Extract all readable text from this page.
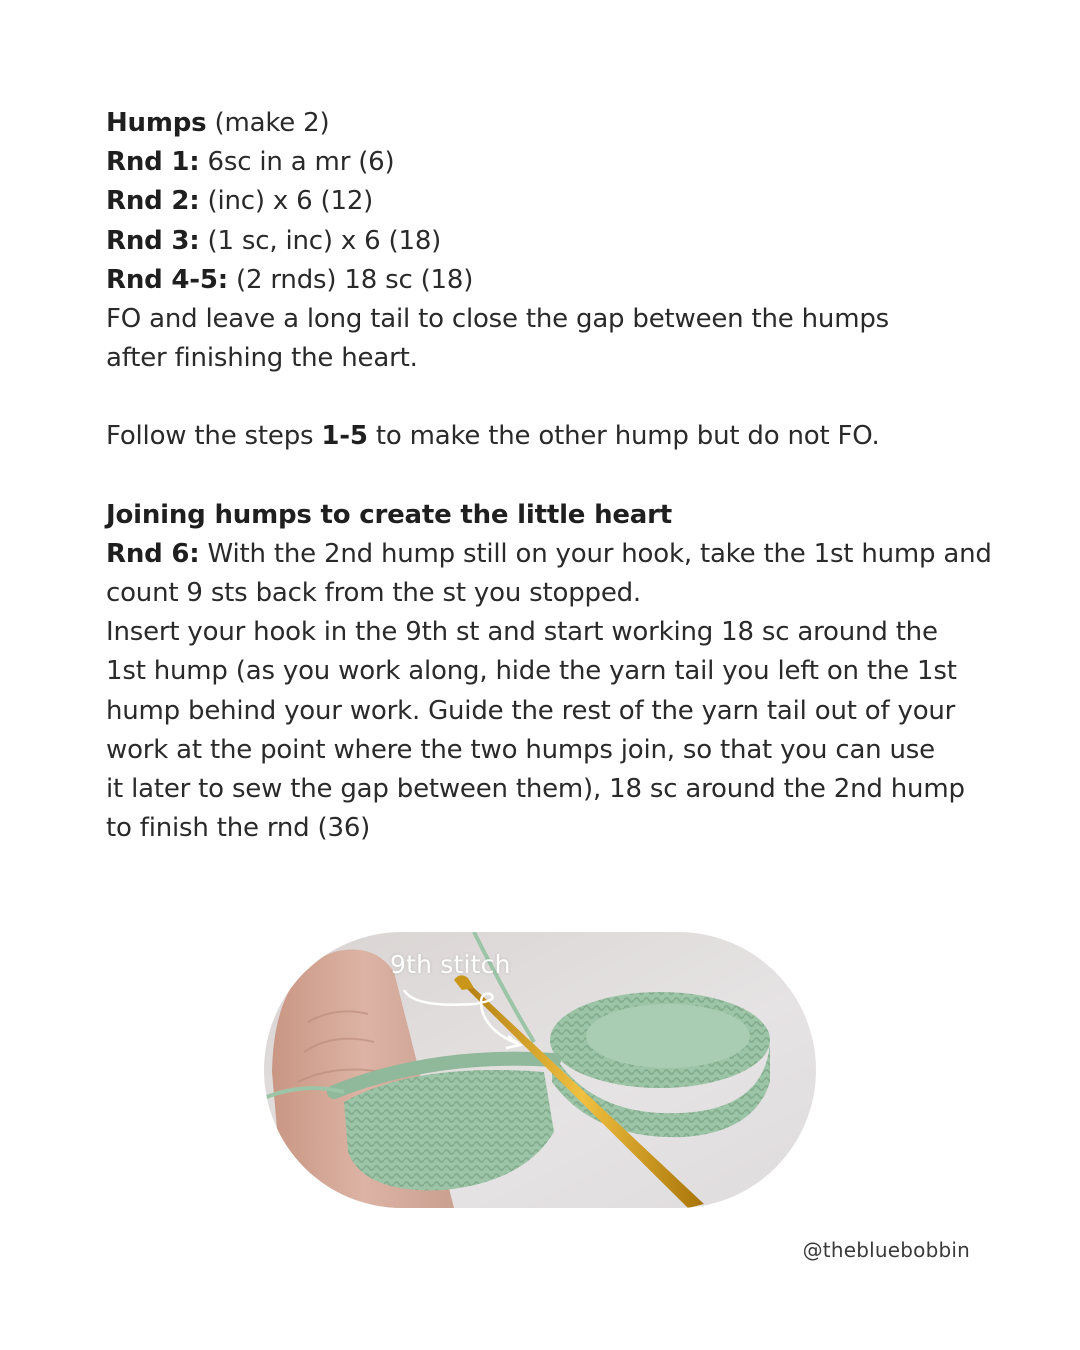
Humps (make 2)
Rnd 1: 6sc in a mr (6)
Rnd 2: (inc) x 6 (12)
Rnd 3: (1 sc, inc) x 6 (18)
Rnd 4-5: (2 rnds) 18 sc (18)
FO and leave a long tail to close the gap between the humps
after finishing the heart.
Follow the steps 1-5 to make the other hump but do not FO.
Joining humps to create the little heart
Rnd 6: With the 2nd hump still on your hook, take the 1st hump and
count 9 sts back from the st you stopped.
Insert your hook in the 9th st and start working 18 sc around the
1st hump (as you work along, hide the yarn tail you left on the 1st
hump behind your work. Guide the rest of the yarn tail out of your
work at the point where the two humps join, so that you can use
it later to sew the gap between them), 18 sc around the 2nd hump
to finish the rnd (36)
9th stitch
@thebluebobbin
